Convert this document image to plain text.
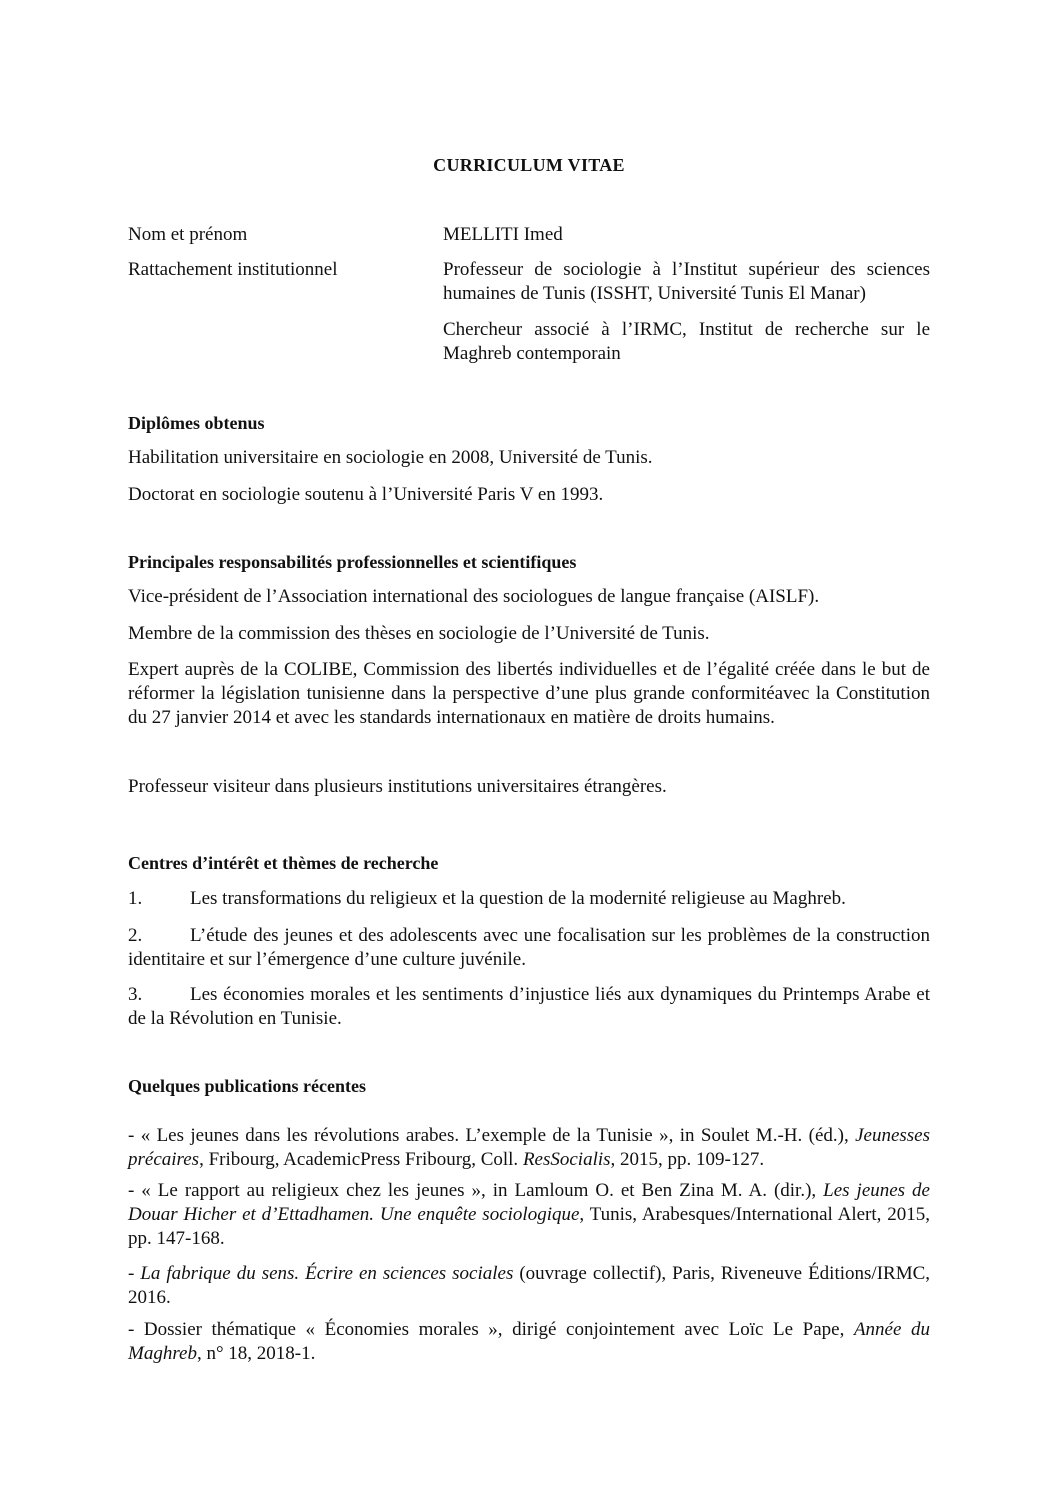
CURRICULUM VITAE
Nom et prénom	MELLITI Imed
Rattachement institutionnel	Professeur de sociologie à l’Institut supérieur des sciences humaines de Tunis (ISSHT, Université Tunis El Manar)
Chercheur associé à l’IRMC, Institut de recherche sur le Maghreb contemporain
Diplômes obtenus

Habilitation universitaire en sociologie en 2008, Université de Tunis.

Doctorat en sociologie soutenu à l’Université Paris V en 1993.

Principales responsabilités professionnelles et scientifiques

Vice-président de l’Association international des sociologues de langue française (AISLF).

Membre de la commission des thèses en sociologie de l’Université de Tunis.

Expert auprès de la COLIBE, Commission des libertés individuelles et de l’égalité créée dans le but de réformer la législation tunisienne dans la perspective d’une plus grande conformitéavec la Constitution du 27 janvier 2014 et avec les standards internationaux en matière de droits humains.

Professeur visiteur dans plusieurs institutions universitaires étrangères.

Centres d’intérêt et thèmes de recherche

1.	Les transformations du religieux et la question de la modernité religieuse au Maghreb.

2.	L’étude des jeunes et des adolescents avec une focalisation sur les problèmes de la construction identitaire et sur l’émergence d’une culture juvénile.

3.	Les économies morales et les sentiments d’injustice liés aux dynamiques du Printemps Arabe et de la Révolution en Tunisie.

Quelques publications récentes

- « Les jeunes dans les révolutions arabes. L’exemple de la Tunisie », in Soulet M.-H. (éd.), Jeunesses précaires, Fribourg, AcademicPress Fribourg, Coll. ResSocialis, 2015, pp. 109-127.

- « Le rapport au religieux chez les jeunes », in Lamloum O. et Ben Zina M. A. (dir.), Les jeunes de Douar Hicher et d’Ettadhamen. Une enquête sociologique, Tunis, Arabesques/International Alert, 2015, pp. 147-168.

- La fabrique du sens. Écrire en sciences sociales (ouvrage collectif), Paris, Riveneuve Éditions/IRMC, 2016.

- Dossier thématique « Économies morales », dirigé conjointement avec Loïc Le Pape, Année du Maghreb, n° 18, 2018-1.
